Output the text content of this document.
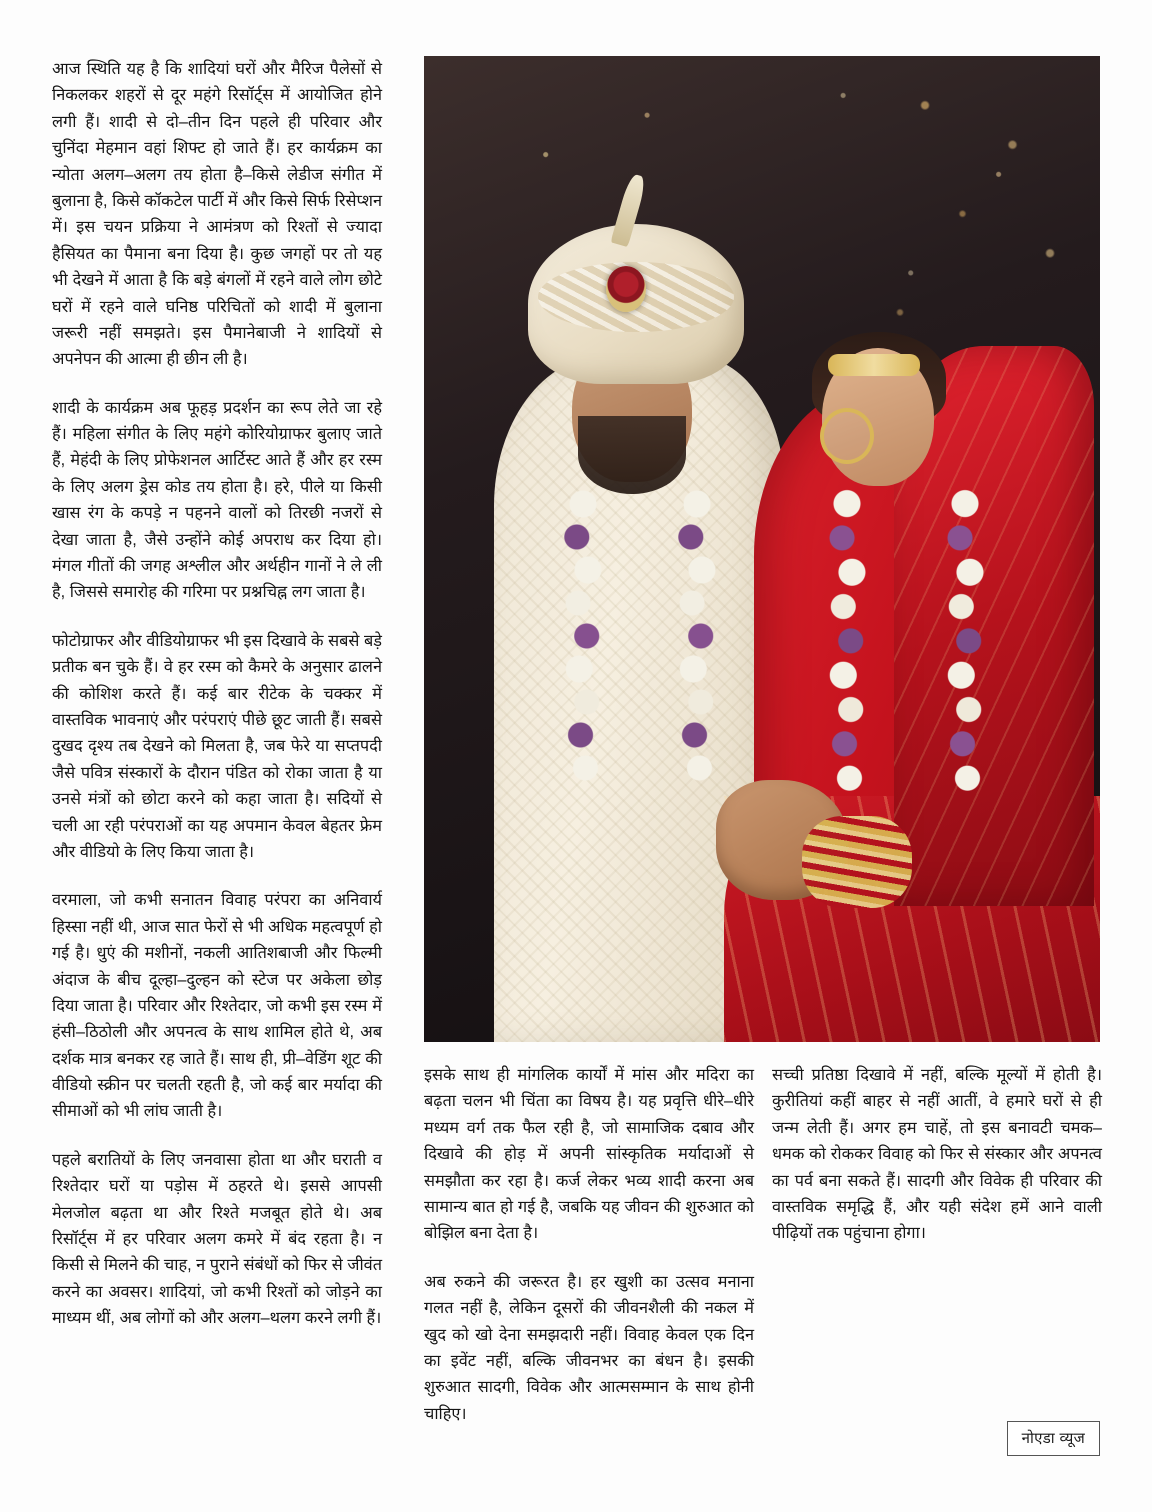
आज स्थिति यह है कि शादियां घरों और मैरिज पैलेसों से निकलकर शहरों से दूर महंगे रिसॉर्ट्स में आयोजित होने लगी हैं। शादी से दो–तीन दिन पहले ही परिवार और चुनिंदा मेहमान वहां शिफ्ट हो जाते हैं। हर कार्यक्रम का न्योता अलग–अलग तय होता है–किसे लेडीज संगीत में बुलाना है, किसे कॉकटेल पार्टी में और किसे सिर्फ रिसेप्शन में। इस चयन प्रक्रिया ने आमंत्रण को रिश्तों से ज्यादा हैसियत का पैमाना बना दिया है। कुछ जगहों पर तो यह भी देखने में आता है कि बड़े बंगलों में रहने वाले लोग छोटे घरों में रहने वाले घनिष्ठ परिचितों को शादी में बुलाना जरूरी नहीं समझते। इस पैमानेबाजी ने शादियों से अपनेपन की आत्मा ही छीन ली है।

शादी के कार्यक्रम अब फूहड़ प्रदर्शन का रूप लेते जा रहे हैं। महिला संगीत के लिए महंगे कोरियोग्राफर बुलाए जाते हैं, मेहंदी के लिए प्रोफेशनल आर्टिस्ट आते हैं और हर रस्म के लिए अलग ड्रेस कोड तय होता है। हरे, पीले या किसी खास रंग के कपड़े न पहनने वालों को तिरछी नजरों से देखा जाता है, जैसे उन्होंने कोई अपराध कर दिया हो। मंगल गीतों की जगह अश्लील और अर्थहीन गानों ने ले ली है, जिससे समारोह की गरिमा पर प्रश्नचिह्न लग जाता है।

फोटोग्राफर और वीडियोग्राफर भी इस दिखावे के सबसे बड़े प्रतीक बन चुके हैं। वे हर रस्म को कैमरे के अनुसार ढालने की कोशिश करते हैं। कई बार रीटेक के चक्कर में वास्तविक भावनाएं और परंपराएं पीछे छूट जाती हैं। सबसे दुखद दृश्य तब देखने को मिलता है, जब फेरे या सप्तपदी जैसे पवित्र संस्कारों के दौरान पंडित को रोका जाता है या उनसे मंत्रों को छोटा करने को कहा जाता है। सदियों से चली आ रही परंपराओं का यह अपमान केवल बेहतर फ्रेम और वीडियो के लिए किया जाता है।

वरमाला, जो कभी सनातन विवाह परंपरा का अनिवार्य हिस्सा नहीं थी, आज सात फेरों से भी अधिक महत्वपूर्ण हो गई है। धुएं की मशीनों, नकली आतिशबाजी और फिल्मी अंदाज के बीच दूल्हा–दुल्हन को स्टेज पर अकेला छोड़ दिया जाता है। परिवार और रिश्तेदार, जो कभी इस रस्म में हंसी–ठिठोली और अपनत्व के साथ शामिल होते थे, अब दर्शक मात्र बनकर रह जाते हैं। साथ ही, प्री–वेडिंग शूट की वीडियो स्क्रीन पर चलती रहती है, जो कई बार मर्यादा की सीमाओं को भी लांघ जाती है।

पहले बरातियों के लिए जनवासा होता था और घराती व रिश्तेदार घरों या पड़ोस में ठहरते थे। इससे आपसी मेलजोल बढ़ता था और रिश्ते मजबूत होते थे। अब रिसॉर्ट्स में हर परिवार अलग कमरे में बंद रहता है। न किसी से मिलने की चाह, न पुराने संबंधों को फिर से जीवंत करने का अवसर। शादियां, जो कभी रिश्तों को जोड़ने का माध्यम थीं, अब लोगों को और अलग–थलग करने लगी हैं।

इसके साथ ही मांगलिक कार्यों में मांस और मदिरा का बढ़ता चलन भी चिंता का विषय है। यह प्रवृत्ति धीरे–धीरे मध्यम वर्ग तक फैल रही है, जो सामाजिक दबाव और दिखावे की होड़ में अपनी सांस्कृतिक मर्यादाओं से समझौता कर रहा है। कर्ज लेकर भव्य शादी करना अब सामान्य बात हो गई है, जबकि यह जीवन की शुरुआत को बोझिल बना देता है।

अब रुकने की जरूरत है। हर खुशी का उत्सव मनाना गलत नहीं है, लेकिन दूसरों की जीवनशैली की नकल में खुद को खो देना समझदारी नहीं। विवाह केवल एक दिन का इवेंट नहीं, बल्कि जीवनभर का बंधन है। इसकी शुरुआत सादगी, विवेक और आत्मसम्मान के साथ होनी चाहिए।

सच्ची प्रतिष्ठा दिखावे में नहीं, बल्कि मूल्यों में होती है। कुरीतियां कहीं बाहर से नहीं आतीं, वे हमारे घरों से ही जन्म लेती हैं। अगर हम चाहें, तो इस बनावटी चमक–धमक को रोककर विवाह को फिर से संस्कार और अपनत्व का पर्व बना सकते हैं। सादगी और विवेक ही परिवार की वास्तविक समृद्धि हैं, और यही संदेश हमें आने वाली पीढ़ियों तक पहुंचाना होगा।

नोएडा व्यूज
